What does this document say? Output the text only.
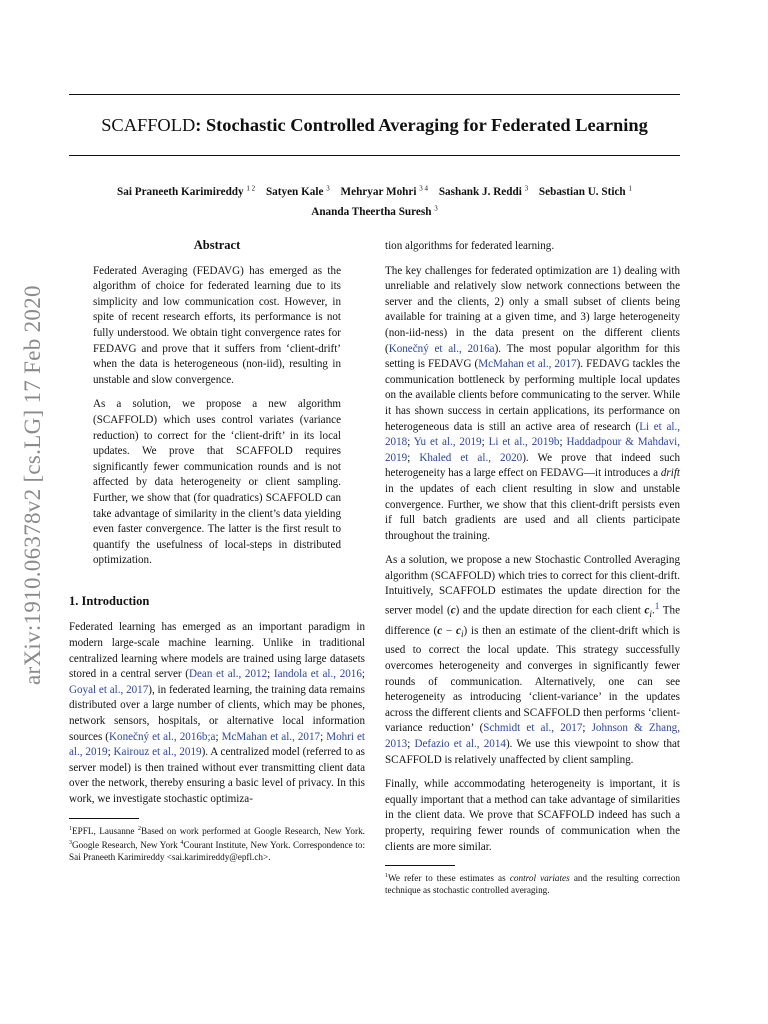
SCAFFOLD: Stochastic Controlled Averaging for Federated Learning
Sai Praneeth Karimireddy $^{1 2}$ Satyen Kale $^3$ Mehryar Mohri $^{3 4}$ Sashank J. Reddi $^3$ Sebastian U. Stich $^1$
Ananda Theertha Suresh $^3$
arXiv:1910.06378v2 [cs.LG] 17 Feb 2020
Abstract

Federated Averaging (FEDAVG) has emerged as the algorithm of choice for federated learning due to its simplicity and low communication cost. However, in spite of recent research efforts, its performance is not fully understood. We obtain tight convergence rates for FEDAVG and prove that it suffers from ‘client-drift’ when the data is heterogeneous (non-iid), resulting in unstable and slow convergence.

As a solution, we propose a new algorithm (SCAFFOLD) which uses control variates (variance reduction) to correct for the ‘client-drift’ in its local updates. We prove that SCAFFOLD requires significantly fewer communication rounds and is not affected by data heterogeneity or client sampling. Further, we show that (for quadratics) SCAFFOLD can take advantage of similarity in the client’s data yielding even faster convergence. The latter is the first result to quantify the usefulness of local-steps in distributed optimization.

1. Introduction

Federated learning has emerged as an important paradigm in modern large-scale machine learning. Unlike in traditional centralized learning where models are trained using large datasets stored in a central server (Dean et al., 2012; Iandola et al., 2016; Goyal et al., 2017), in federated learning, the training data remains distributed over a large number of clients, which may be phones, network sensors, hospitals, or alternative local information sources (Konečný et al., 2016b;a; McMahan et al., 2017; Mohri et al., 2019; Kairouz et al., 2019). A centralized model (referred to as server model) is then trained without ever transmitting client data over the network, thereby ensuring a basic level of privacy. In this work, we investigate stochastic optimiza-

$^1$EPFL, Lausanne $^2$Based on work performed at Google Research, New York. $^3$Google Research, New York $^4$Courant Institute, New York. Correspondence to: Sai Praneeth Karimireddy <sai.karimireddy@epfl.ch>.

tion algorithms for federated learning.

The key challenges for federated optimization are 1) dealing with unreliable and relatively slow network connections between the server and the clients, 2) only a small subset of clients being available for training at a given time, and 3) large heterogeneity (non-iid-ness) in the data present on the different clients (Konečný et al., 2016a). The most popular algorithm for this setting is FEDAVG (McMahan et al., 2017). FEDAVG tackles the communication bottleneck by performing multiple local updates on the available clients before communicating to the server. While it has shown success in certain applications, its performance on heterogeneous data is still an active area of research (Li et al., 2018; Yu et al., 2019; Li et al., 2019b; Haddadpour & Mahdavi, 2019; Khaled et al., 2020). We prove that indeed such heterogeneity has a large effect on FEDAVG—it introduces a drift in the updates of each client resulting in slow and unstable convergence. Further, we show that this client-drift persists even if full batch gradients are used and all clients participate throughout the training.

As a solution, we propose a new Stochastic Controlled Averaging algorithm (SCAFFOLD) which tries to correct for this client-drift. Intuitively, SCAFFOLD estimates the update direction for the server model (c) and the update direction for each client $c_i.^1$ The difference $(c - c_i)$ is then an estimate of the client-drift which is used to correct the local update. This strategy successfully overcomes heterogeneity and converges in significantly fewer rounds of communication. Alternatively, one can see heterogeneity as introducing ‘client-variance’ in the updates across the different clients and SCAFFOLD then performs ‘client-variance reduction’ (Schmidt et al., 2017; Johnson & Zhang, 2013; Defazio et al., 2014). We use this viewpoint to show that SCAFFOLD is relatively unaffected by client sampling.

Finally, while accommodating heterogeneity is important, it is equally important that a method can take advantage of similarities in the client data. We prove that SCAFFOLD indeed has such a property, requiring fewer rounds of communication when the clients are more similar.

$^1$We refer to these estimates as control variates and the resulting correction technique as stochastic controlled averaging.
